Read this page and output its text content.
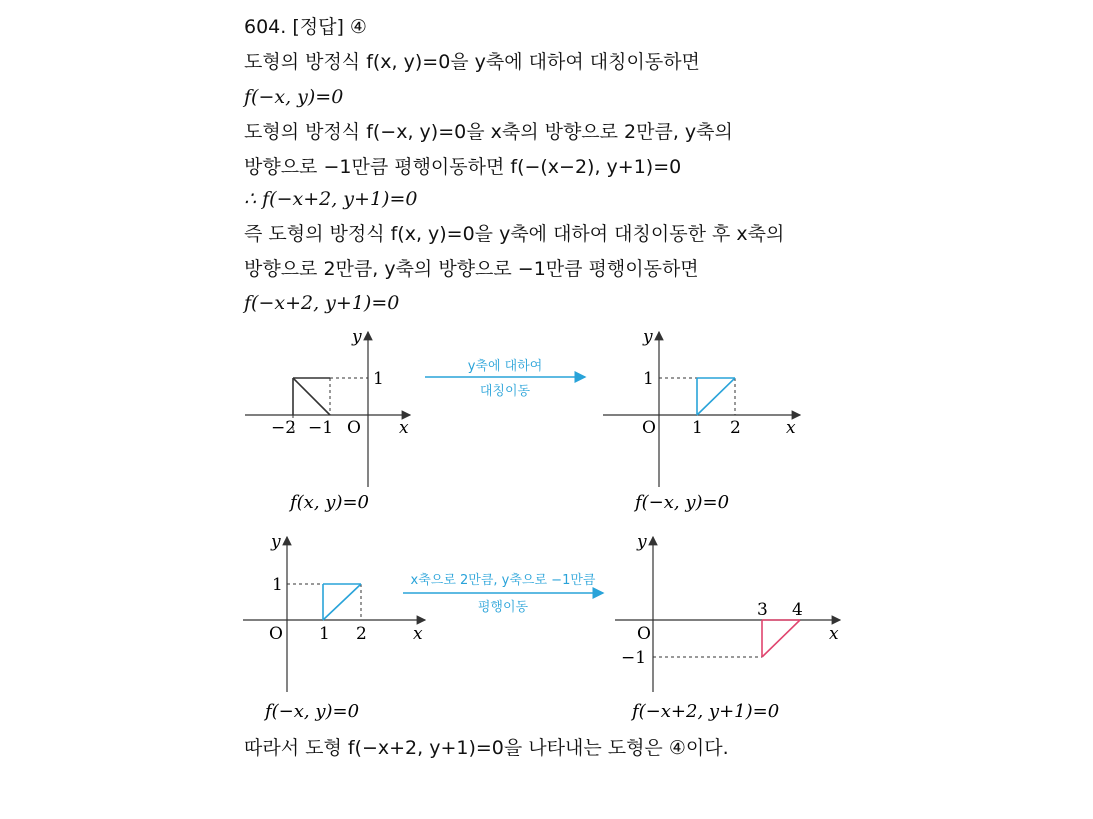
604. [정답] ④
도형의 방정식 f(x, y)=0을 y축에 대하여 대칭이동하면
f(−x, y)=0
도형의 방정식 f(−x, y)=0을 x축의 방향으로 2만큼, y축의
방향으로 −1만큼 평행이동하면 f(−(x−2), y+1)=0
∴ f(−x+2, y+1)=0
즉 도형의 방정식 f(x, y)=0을 y축에 대하여 대칭이동한 후 x축의
방향으로 2만큼, y축의 방향으로 −1만큼 평행이동하면
f(−x+2, y+1)=0
1
−2 −1 O x
y
f(x, y)=0
y축에 대하여
대칭이동
1
O 1 2	x
y
f(−x, y)=0
1
O 1 2	x
y
f(−x, y)=0
x축으로 2만큼, y축으로 −1만큼
평행이동
O
3 4
−1
x
y
f(−x+2, y+1)=0
따라서 도형 f(−x+2, y+1)=0을 나타내는 도형은 ④이다.
